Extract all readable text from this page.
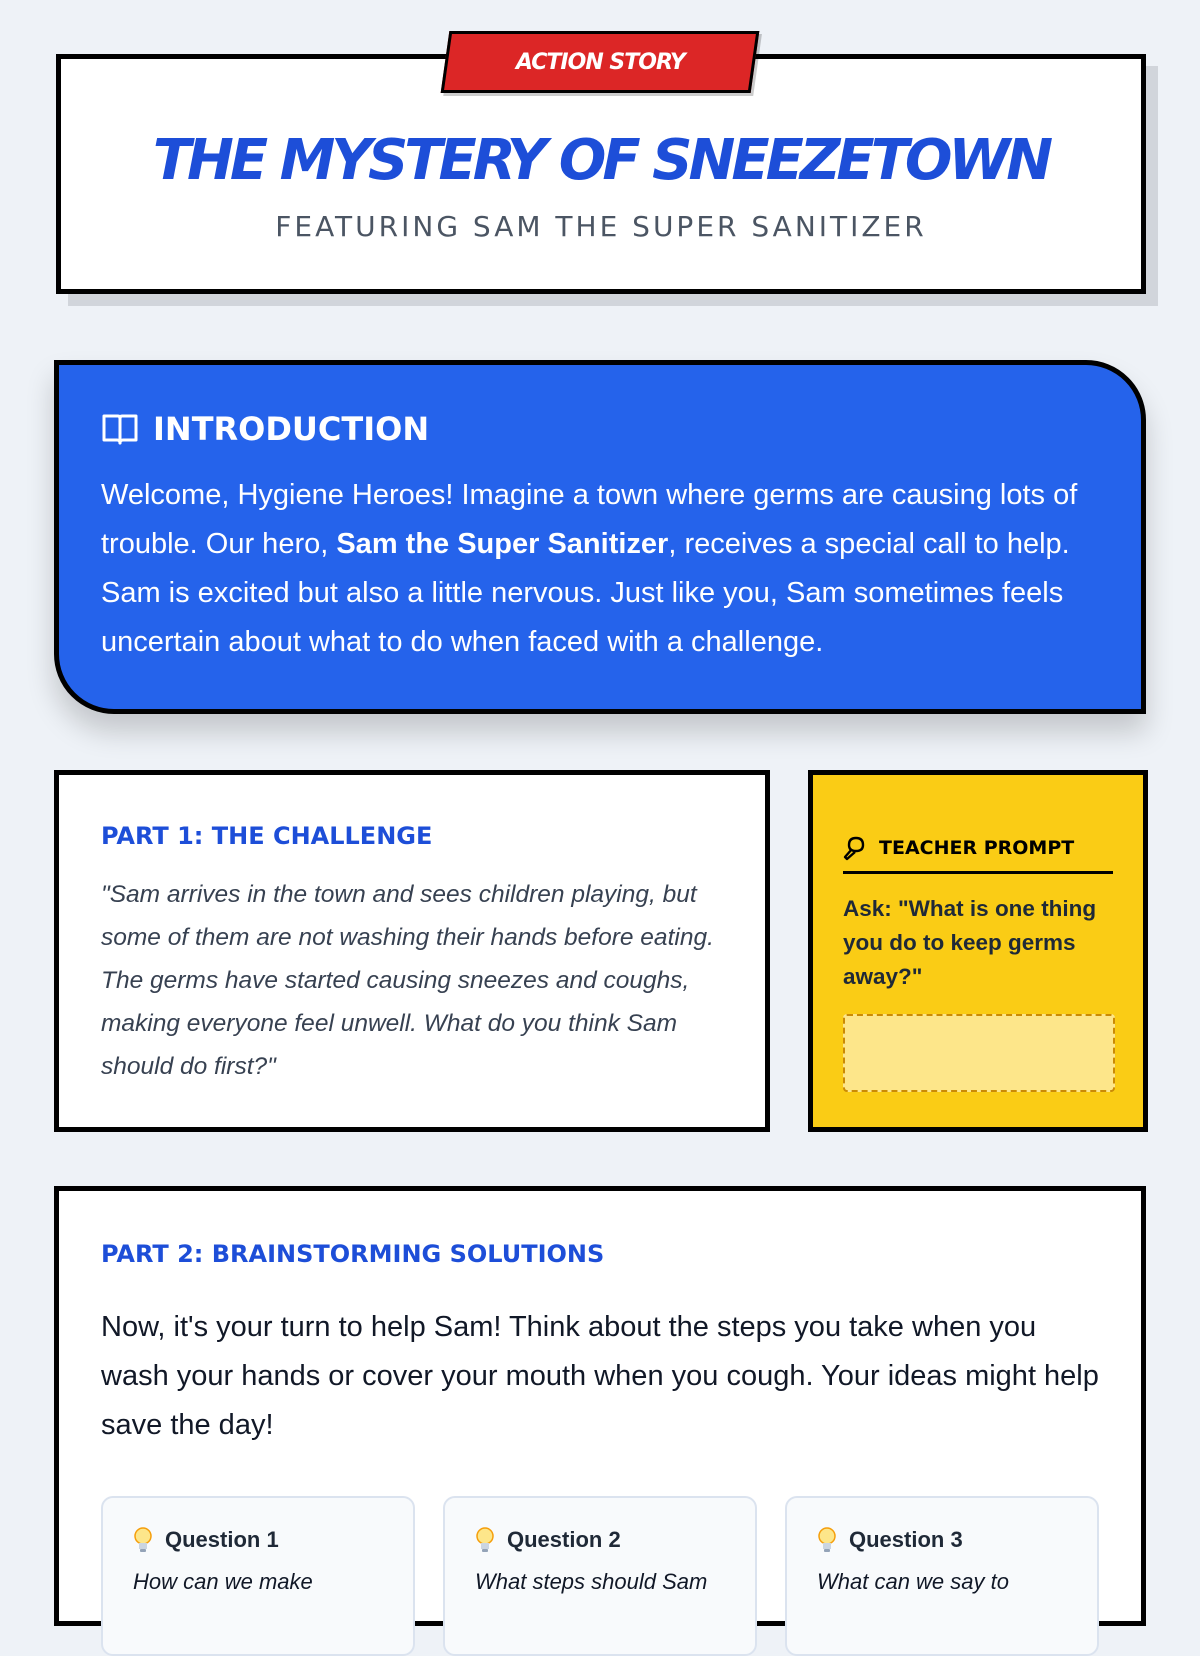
ACTION STORY
THE MYSTERY OF SNEEZETOWN
FEATURING SAM THE SUPER SANITIZER
INTRODUCTION

Welcome, Hygiene Heroes! Imagine a town where germs are causing lots of trouble. Our hero, Sam the Super Sanitizer, receives a special call to help. Sam is excited but also a little nervous. Just like you, Sam sometimes feels uncertain about what to do when faced with a challenge.

PART 1: THE CHALLENGE

"Sam arrives in the town and sees children playing, but some of them are not washing their hands before eating. The germs have started causing sneezes and coughs, making everyone feel unwell. What do you think Sam should do first?"

TEACHER PROMPT

Ask: "What is one thing you do to keep germs away?"

PART 2: BRAINSTORMING SOLUTIONS

Now, it's your turn to help Sam! Think about the steps you take when you wash your hands or cover your mouth when you cough. Your ideas might help save the day!

Question 1

How can we make

Question 2

What steps should Sam

Question 3

What can we say to
